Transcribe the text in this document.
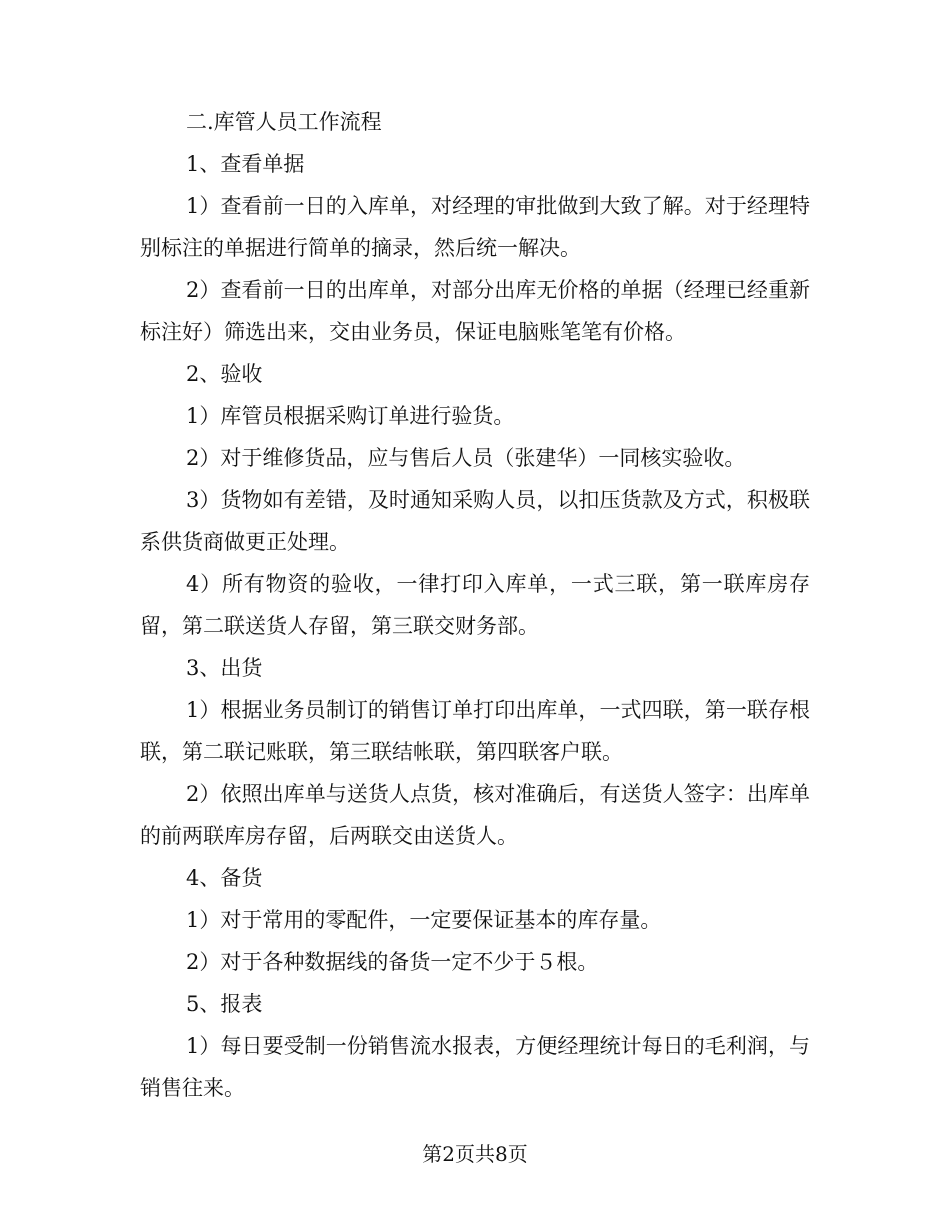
二.库管人员工作流程

1、查看单据

1）查看前一日的入库单，对经理的审批做到大致了解。对于经理特别标注的单据进行简单的摘录，然后统一解决。

2）查看前一日的出库单，对部分出库无价格的单据（经理已经重新标注好）筛选出来，交由业务员，保证电脑账笔笔有价格。

2、验收

1）库管员根据采购订单进行验货。

2）对于维修货品，应与售后人员（张建华）一同核实验收。

3）货物如有差错，及时通知采购人员，以扣压货款及方式，积极联系供货商做更正处理。

4）所有物资的验收，一律打印入库单，一式三联，第一联库房存留，第二联送货人存留，第三联交财务部。

3、出货

1）根据业务员制订的销售订单打印出库单，一式四联，第一联存根联，第二联记账联，第三联结帐联，第四联客户联。

2）依照出库单与送货人点货，核对准确后，有送货人签字：出库单的前两联库房存留，后两联交由送货人。

4、备货

1）对于常用的零配件，一定要保证基本的库存量。

2）对于各种数据线的备货一定不少于５根。

5、报表

1）每日要受制一份销售流水报表，方便经理统计每日的毛利润，与销售往来。

第2页共8页
